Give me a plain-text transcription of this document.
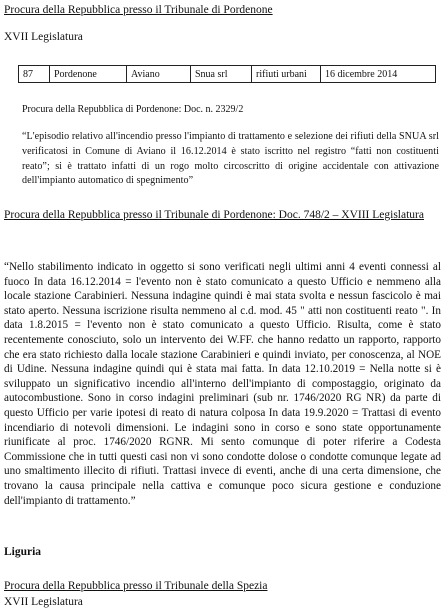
Procura della Repubblica presso il Tribunale di Pordenone

XVII Legislatura

87	Pordenone	Aviano	Snua srl	rifiuti urbani	16 dicembre 2014

Procura della Repubblica di Pordenone: Doc. n. 2329/2

“L'episodio relativo all'incendio presso l'impianto di trattamento e selezione dei rifiuti della SNUA srl verificatosi in Comune di Aviano il 16.12.2014 è stato iscritto nel registro “fatti non costituenti reato”; si è trattato infatti di un rogo molto circoscritto di origine accidentale con attivazione dell'impianto automatico di spegnimento”

Procura della Repubblica presso il Tribunale di Pordenone: Doc. 748/2 – XVIII Legislatura

“Nello stabilimento indicato in oggetto si sono verificati negli ultimi anni 4 eventi connessi al fuoco In data 16.12.2014 = l'evento non è stato comunicato a questo Ufficio e nemmeno alla locale stazione Carabinieri. Nessuna indagine quindi è mai stata svolta e nessun fascicolo è mai stato aperto. Nessuna iscrizione risulta nemmeno al c.d. mod. 45 " atti non costituenti reato ". In data 1.8.2015 = l'evento non è stato comunicato a questo Ufficio. Risulta, come è stato recentemente conosciuto, solo un intervento dei W.FF. che hanno redatto un rapporto, rapporto che era stato richiesto dalla locale stazione Carabinieri e quindi inviato, per conoscenza, al NOE di Udine. Nessuna indagine quindi qui è stata mai fatta. In data 12.10.2019 = Nella notte si è sviluppato un significativo incendio all'interno dell'impianto di compostaggio, originato da autocombustione. Sono in corso indagini preliminari (sub nr. 1746/2020 RG NR) da parte di questo Ufficio per varie ipotesi di reato di natura colposa In data 19.9.2020 = Trattasi di evento incendiario di notevoli dimensioni. Le indagini sono in corso e sono state opportunamente riunificate al proc. 1746/2020 RGNR. Mi sento comunque di poter riferire a Codesta Commissione che in tutti questi casi non vi sono condotte dolose o condotte comunque legate ad uno smaltimento illecito di rifiuti. Trattasi invece di eventi, anche di una certa dimensione, che trovano la causa principale nella cattiva e comunque poco sicura gestione e conduzione dell'impianto di trattamento.”

Liguria

Procura della Repubblica presso il Tribunale della Spezia

XVII Legislatura
